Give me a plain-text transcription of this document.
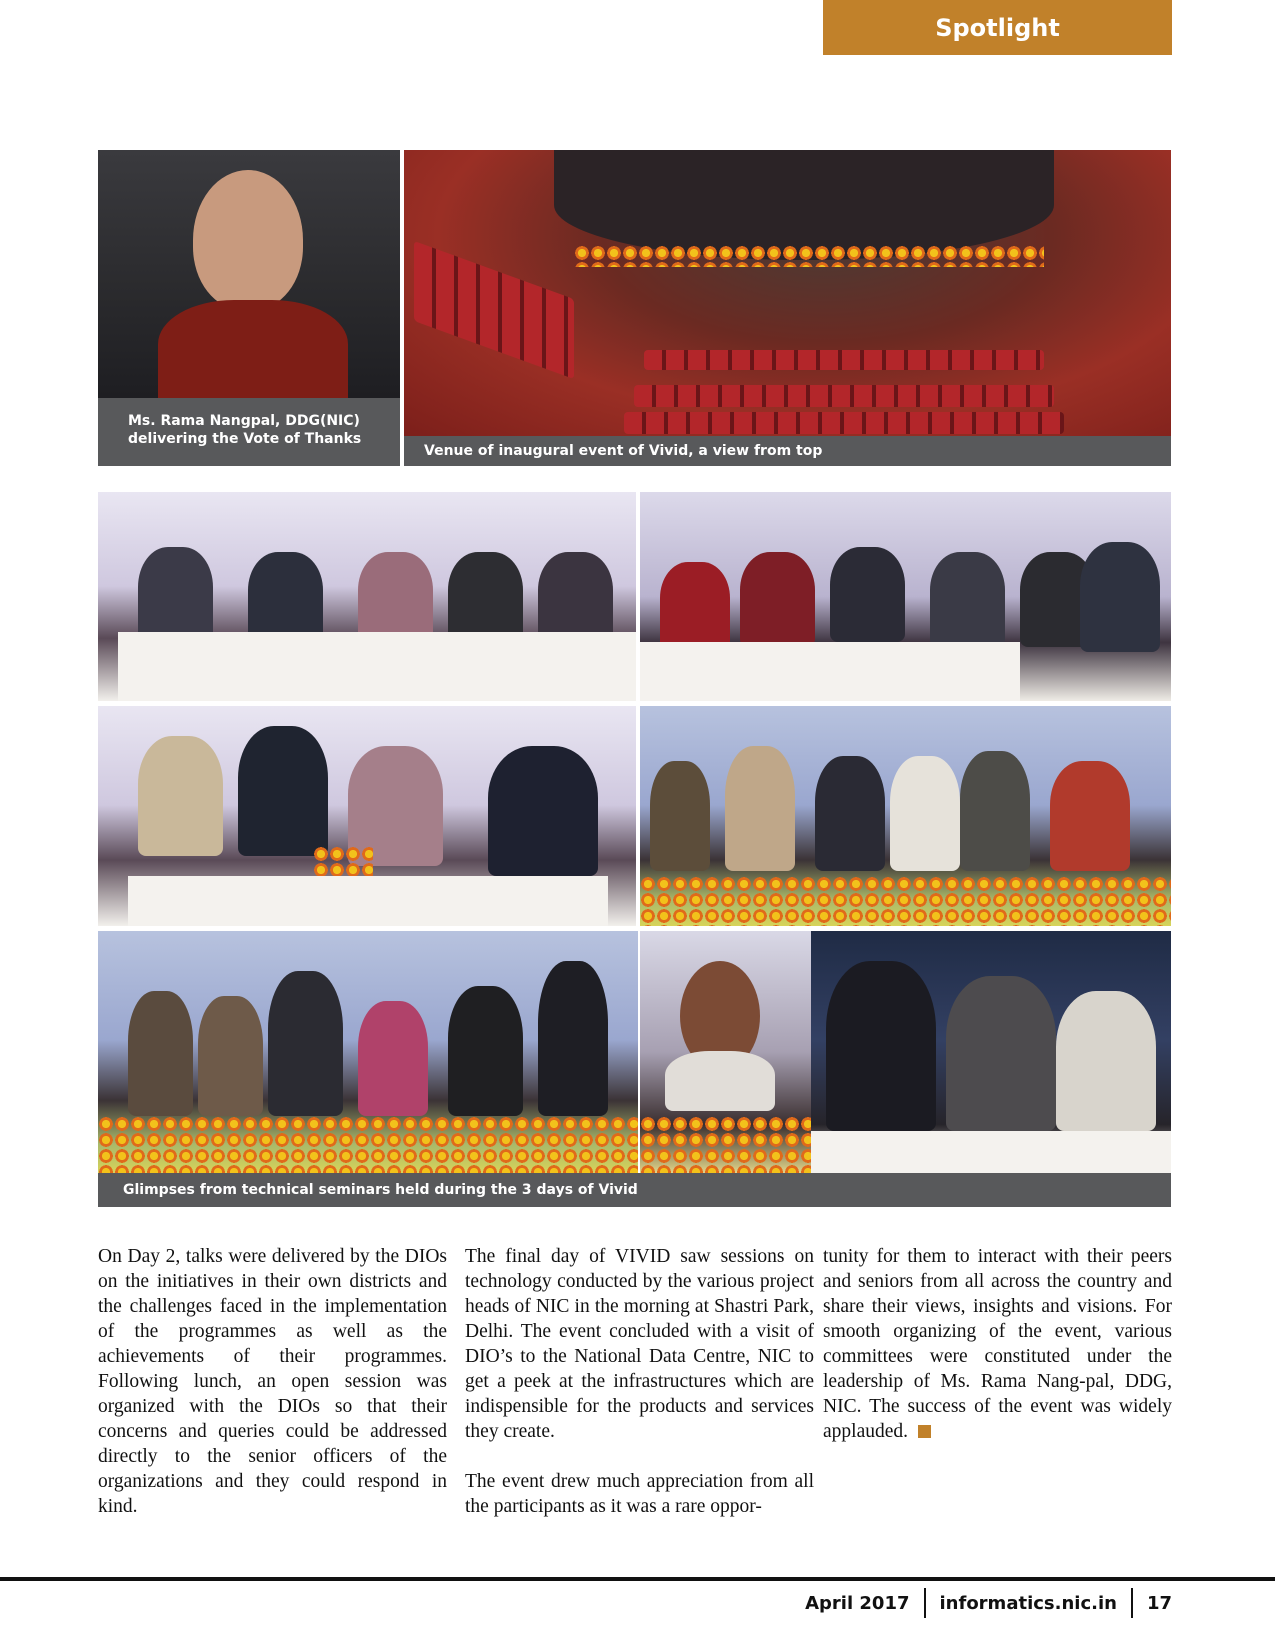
Spotlight
Ms. Rama Nangpal, DDG(NIC)
delivering the Vote of Thanks
Venue of inaugural event of Vivid, a view from top
Glimpses from technical seminars held during the 3 days of Vivid

On Day 2, talks were delivered by the DIOs on the initiatives in their own districts and the challenges faced in the implementation of the programmes as well as the achievements of their programmes. Following lunch, an open session was organized with the DIOs so that their concerns and queries could be addressed directly to the senior officers of the organizations and they could respond in kind.

The final day of VIVID saw sessions on technology conducted by the various project heads of NIC in the morning at Shastri Park, Delhi. The event concluded with a visit of DIO’s to the National Data Centre, NIC to get a peek at the infrastructures which are indispensible for the products and services they create.

The event drew much appreciation from all the participants as it was a rare oppor-

tunity for them to interact with their peers and seniors from all across the country and share their views, insights and visions. For smooth organizing of the event, various committees were constituted under the leadership of Ms. Rama Nang-pal, DDG, NIC. The success of the event was widely applauded.

April 2017 informatics.nic.in 17
